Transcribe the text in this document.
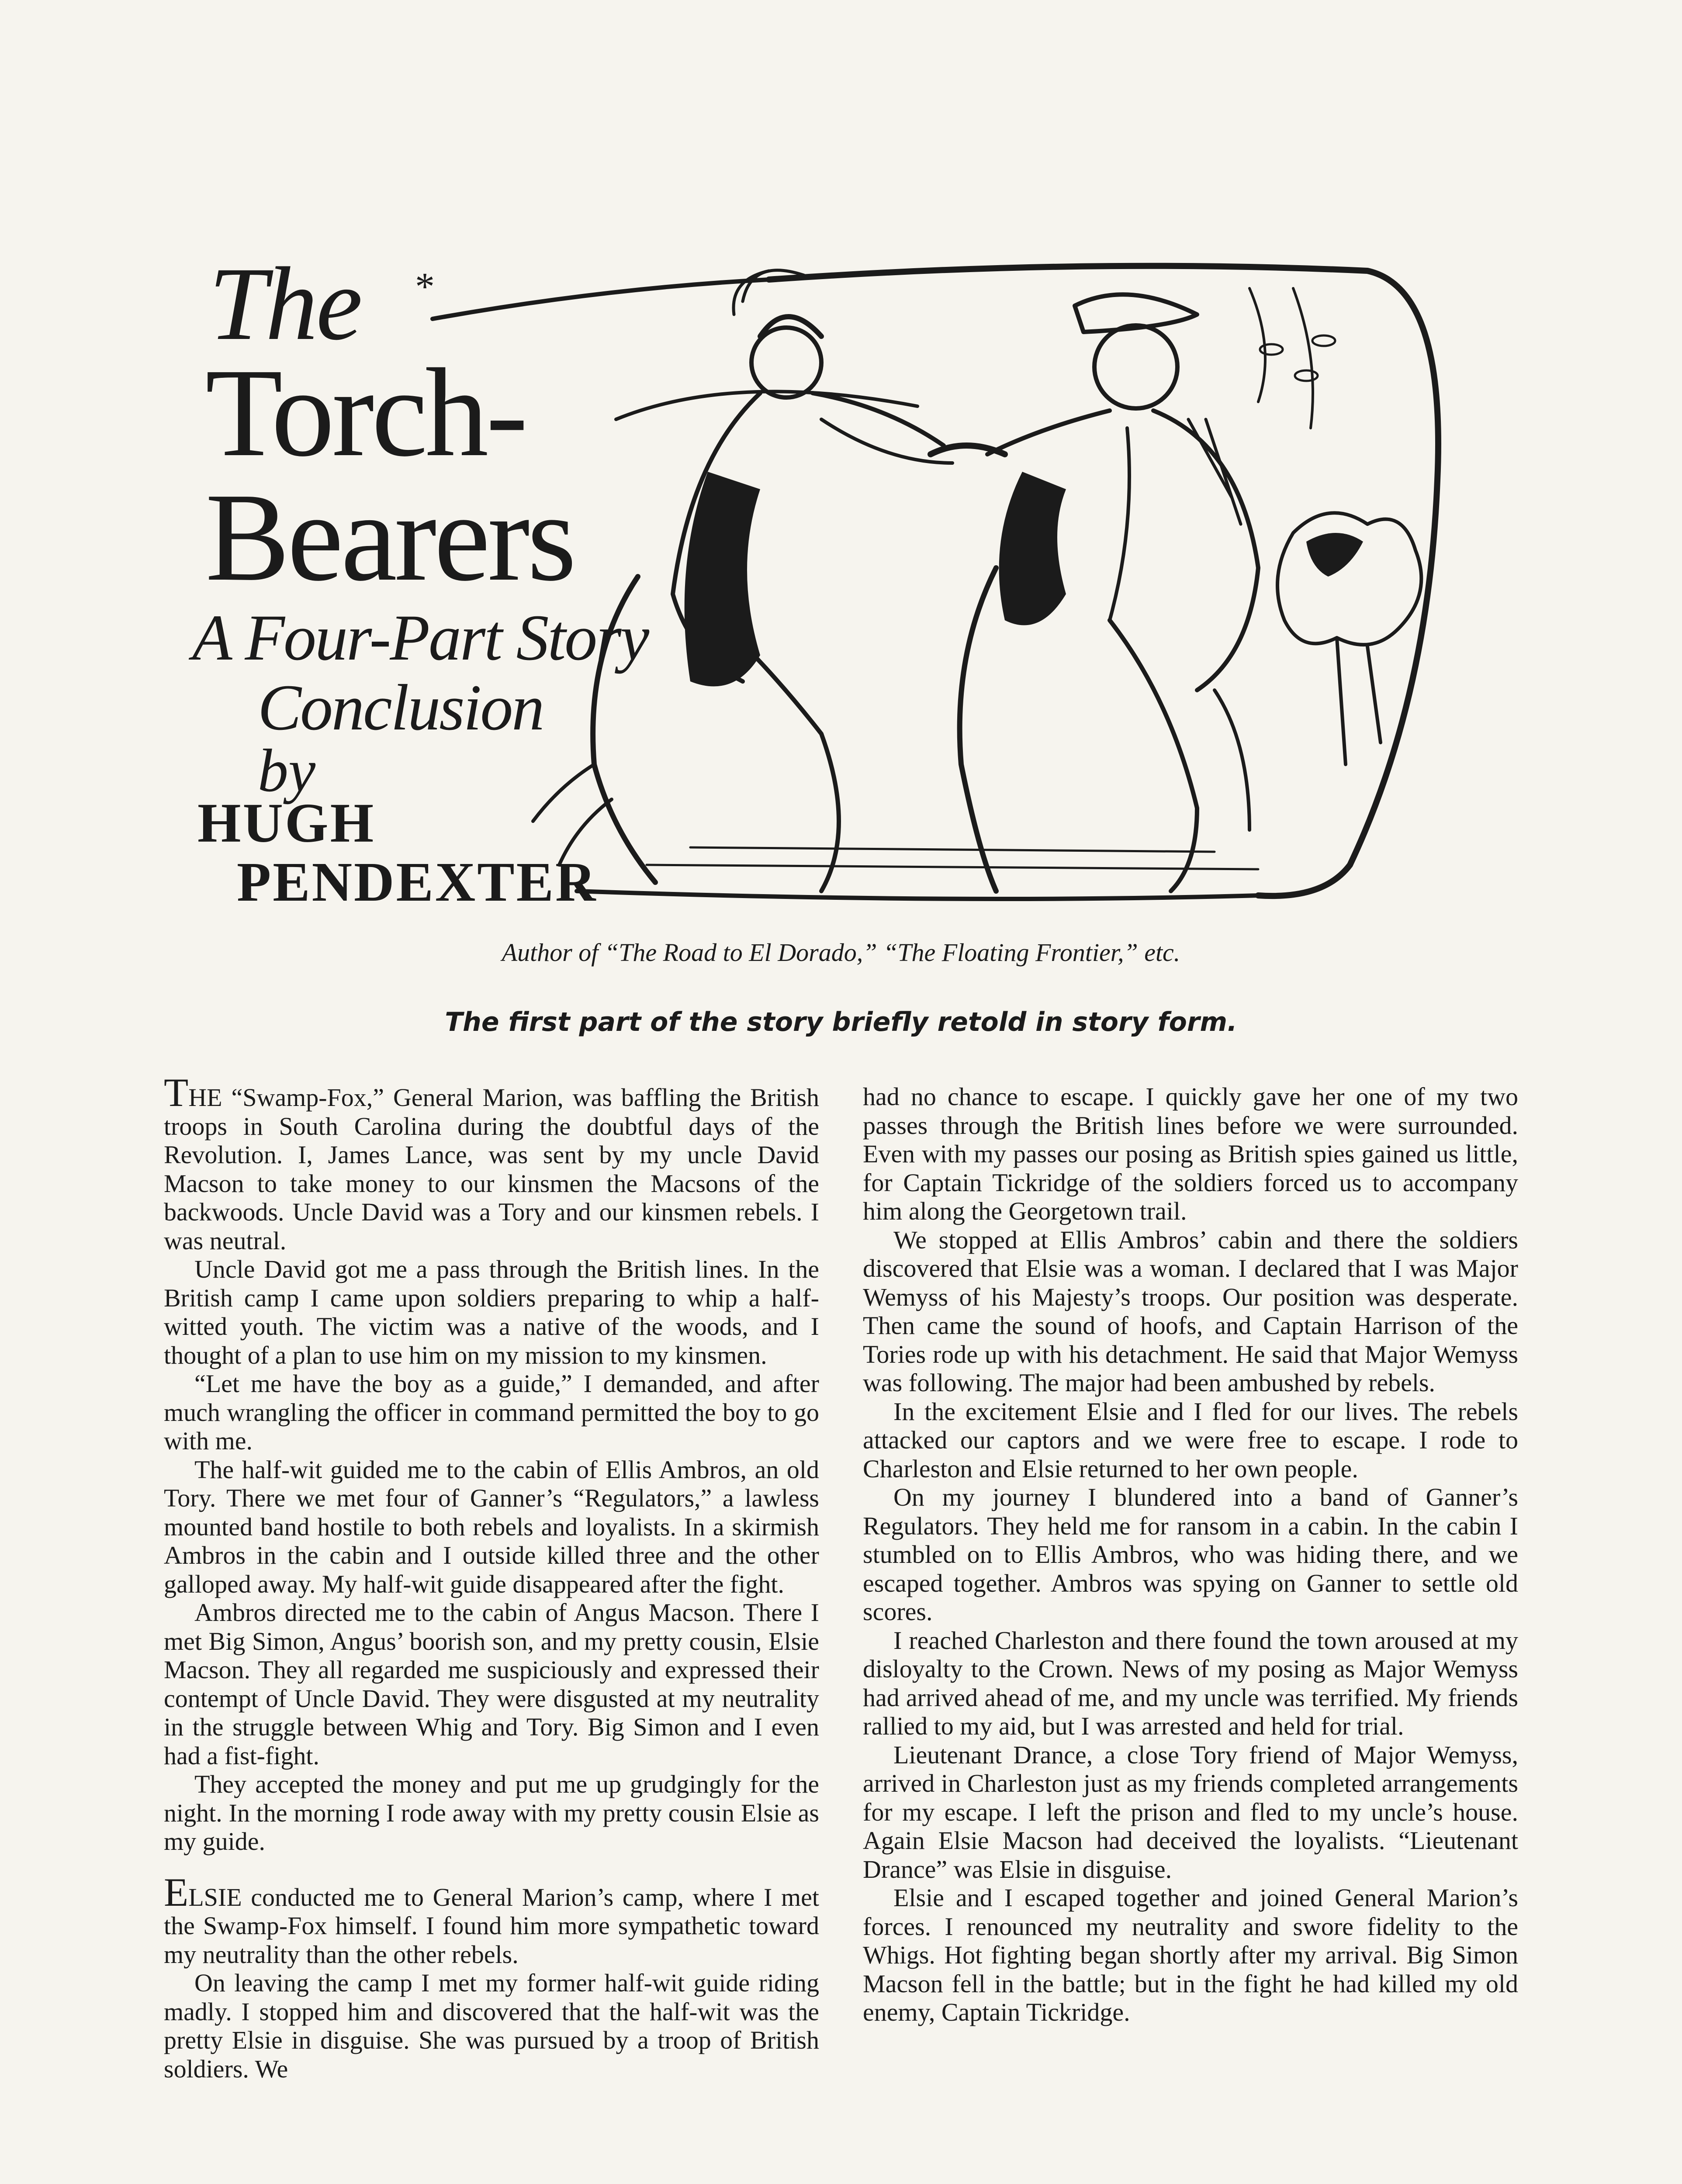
The *
Torch-
Bearers
A Four-Part Story
Conclusion
by
HUGH
PENDEXTER
Author of “The Road to El Dorado,” “The Floating Frontier,” etc.
The first part of the story briefly retold in story form.

THE “Swamp-Fox,” General Marion, was baffling the British troops in South Carolina during the doubtful days of the Revolution. I, James Lance, was sent by my uncle David Macson to take money to our kinsmen the Macsons of the backwoods. Uncle David was a Tory and our kinsmen rebels. I was neutral.

Uncle David got me a pass through the British lines. In the British camp I came upon soldiers preparing to whip a half-witted youth. The victim was a native of the woods, and I thought of a plan to use him on my mission to my kinsmen.

“Let me have the boy as a guide,” I demanded, and after much wrangling the officer in command permitted the boy to go with me.

The half-wit guided me to the cabin of Ellis Ambros, an old Tory. There we met four of Ganner’s “Regulators,” a lawless mounted band hostile to both rebels and loyalists. In a skirmish Ambros in the cabin and I outside killed three and the other galloped away. My half-wit guide disappeared after the fight.

Ambros directed me to the cabin of Angus Macson. There I met Big Simon, Angus’ boorish son, and my pretty cousin, Elsie Macson. They all regarded me suspiciously and expressed their contempt of Uncle David. They were disgusted at my neutrality in the struggle between Whig and Tory. Big Simon and I even had a fist-fight.

They accepted the money and put me up grudgingly for the night. In the morning I rode away with my pretty cousin Elsie as my guide.

ELSIE conducted me to General Marion’s camp, where I met the Swamp-Fox himself. I found him more sympathetic toward my neutrality than the other rebels.

On leaving the camp I met my former half-wit guide riding madly. I stopped him and discovered that the half-wit was the pretty Elsie in disguise. She was pursued by a troop of British soldiers. We

had no chance to escape. I quickly gave her one of my two passes through the British lines before we were surrounded. Even with my passes our posing as British spies gained us little, for Captain Tickridge of the soldiers forced us to accompany him along the Georgetown trail.

We stopped at Ellis Ambros’ cabin and there the soldiers discovered that Elsie was a woman. I declared that I was Major Wemyss of his Majesty’s troops. Our position was desperate. Then came the sound of hoofs, and Captain Harrison of the Tories rode up with his detachment. He said that Major Wemyss was following. The major had been ambushed by rebels.

In the excitement Elsie and I fled for our lives. The rebels attacked our captors and we were free to escape. I rode to Charleston and Elsie returned to her own people.

On my journey I blundered into a band of Ganner’s Regulators. They held me for ransom in a cabin. In the cabin I stumbled on to Ellis Ambros, who was hiding there, and we escaped together. Ambros was spying on Ganner to settle old scores.

I reached Charleston and there found the town aroused at my disloyalty to the Crown. News of my posing as Major Wemyss had arrived ahead of me, and my uncle was terrified. My friends rallied to my aid, but I was arrested and held for trial.

Lieutenant Drance, a close Tory friend of Major Wemyss, arrived in Charleston just as my friends completed arrangements for my escape. I left the prison and fled to my uncle’s house. Again Elsie Macson had deceived the loyalists. “Lieutenant Drance” was Elsie in disguise.

Elsie and I escaped together and joined General Marion’s forces. I renounced my neutrality and swore fidelity to the Whigs. Hot fighting began shortly after my arrival. Big Simon Macson fell in the battle; but in the fight he had killed my old enemy, Captain Tickridge.
